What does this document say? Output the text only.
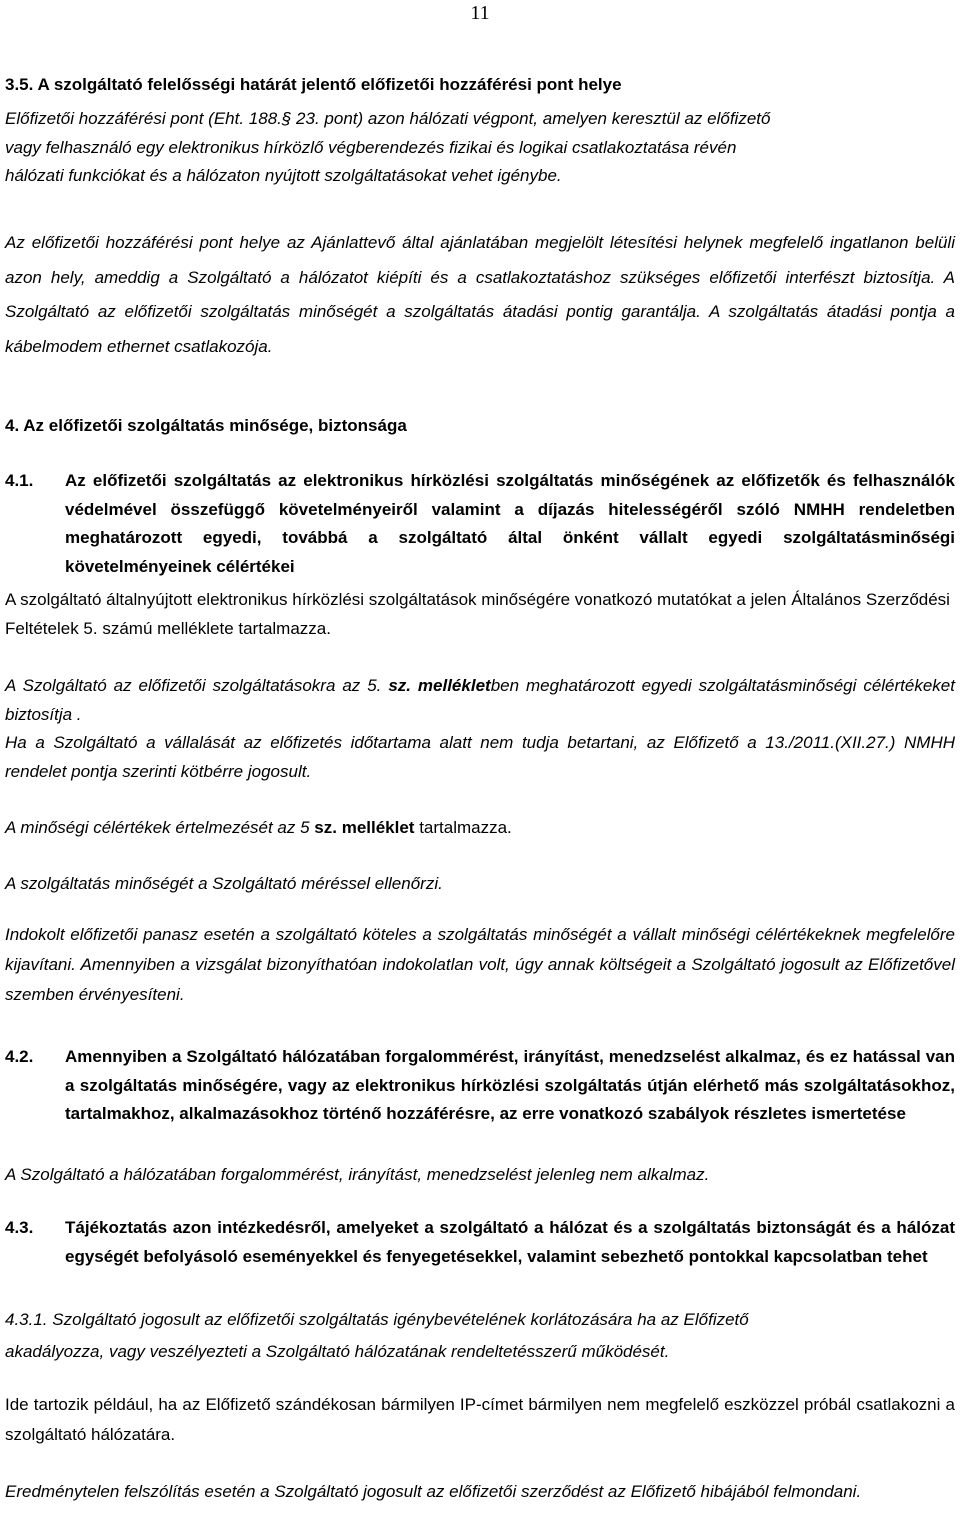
11
3.5. A szolgáltató felelősségi határát jelentő előfizetői hozzáférési pont helye

Előfizetői hozzáférési pont (Eht. 188.§ 23. pont) azon hálózati végpont, amelyen keresztül az előfizető

vagy felhasználó egy elektronikus hírközlő végberendezés fizikai és logikai csatlakoztatása révén

hálózati funkciókat és a hálózaton nyújtott szolgáltatásokat vehet igénybe.

Az előfizetői hozzáférési pont helye az Ajánlattevő által ajánlatában megjelölt létesítési helynek megfelelő ingatlanon belüli azon hely, ameddig a Szolgáltató a hálózatot kiépíti és a csatlakoztatáshoz szükséges előfizetői interfészt biztosítja. A Szolgáltató az előfizetői szolgáltatás minőségét a szolgáltatás átadási pontig garantálja. A szolgáltatás átadási pontja a kábelmodem ethernet csatlakozója.
4. Az előfizetői szolgáltatás minősége, biztonsága
4.1.	Az előfizetői szolgáltatás az elektronikus hírközlési szolgáltatás minőségének az előfizetők és felhasználók védelmével összefüggő követelményeiről valamint a díjazás hitelességéről szóló NMHH rendeletben meghatározott egyedi, továbbá a szolgáltató által önként vállalt egyedi szolgáltatásminőségi követelményeinek célértékei
A szolgáltató általnyújtott elektronikus hírközlési szolgáltatások minőségére vonatkozó mutatókat a jelen Általános Szerződési Feltételek 5. számú melléklete tartalmazza.
A Szolgáltató az előfizetői szolgáltatásokra az 5. sz. mellékletben meghatározott egyedi szolgáltatásminőségi célértékeket biztosítja .
Ha a Szolgáltató a vállalását az előfizetés időtartama alatt nem tudja betartani, az Előfizető a 13./2011.(XII.27.) NMHH rendelet pontja szerinti kötbérre jogosult.
A minőségi célértékek értelmezését az 5 sz. melléklet tartalmazza.
A szolgáltatás minőségét a Szolgáltató méréssel ellenőrzi.
Indokolt előfizetői panasz esetén a szolgáltató köteles a szolgáltatás minőségét a vállalt minőségi célértékeknek megfelelőre kijavítani. Amennyiben a vizsgálat bizonyíthatóan indokolatlan volt, úgy annak költségeit a Szolgáltató jogosult az Előfizetővel szemben érvényesíteni.
4.2.	Amennyiben a Szolgáltató hálózatában forgalommérést, irányítást, menedzselést alkalmaz, és ez hatással van a szolgáltatás minőségére, vagy az elektronikus hírközlési szolgáltatás útján elérhető más szolgáltatásokhoz, tartalmakhoz, alkalmazásokhoz történő hozzáférésre, az erre vonatkozó szabályok részletes ismertetése
A Szolgáltató a hálózatában forgalommérést, irányítást, menedzselést jelenleg nem alkalmaz.
4.3.	Tájékoztatás azon intézkedésről, amelyeket a szolgáltató a hálózat és a szolgáltatás biztonságát és a hálózat egységét befolyásoló eseményekkel és fenyegetésekkel, valamint sebezhető pontokkal kapcsolatban tehet

4.3.1. Szolgáltató jogosult az előfizetői szolgáltatás igénybevételének korlátozására ha az Előfizető

akadályozza, vagy veszélyezteti a Szolgáltató hálózatának rendeltetésszerű működését.

Ide tartozik például, ha az Előfizető szándékosan bármilyen IP-címet bármilyen nem megfelelő eszközzel próbál csatlakozni a szolgáltató hálózatára.
Eredménytelen felszólítás esetén a Szolgáltató jogosult az előfizetői szerződést az Előfizető hibájából felmondani.
